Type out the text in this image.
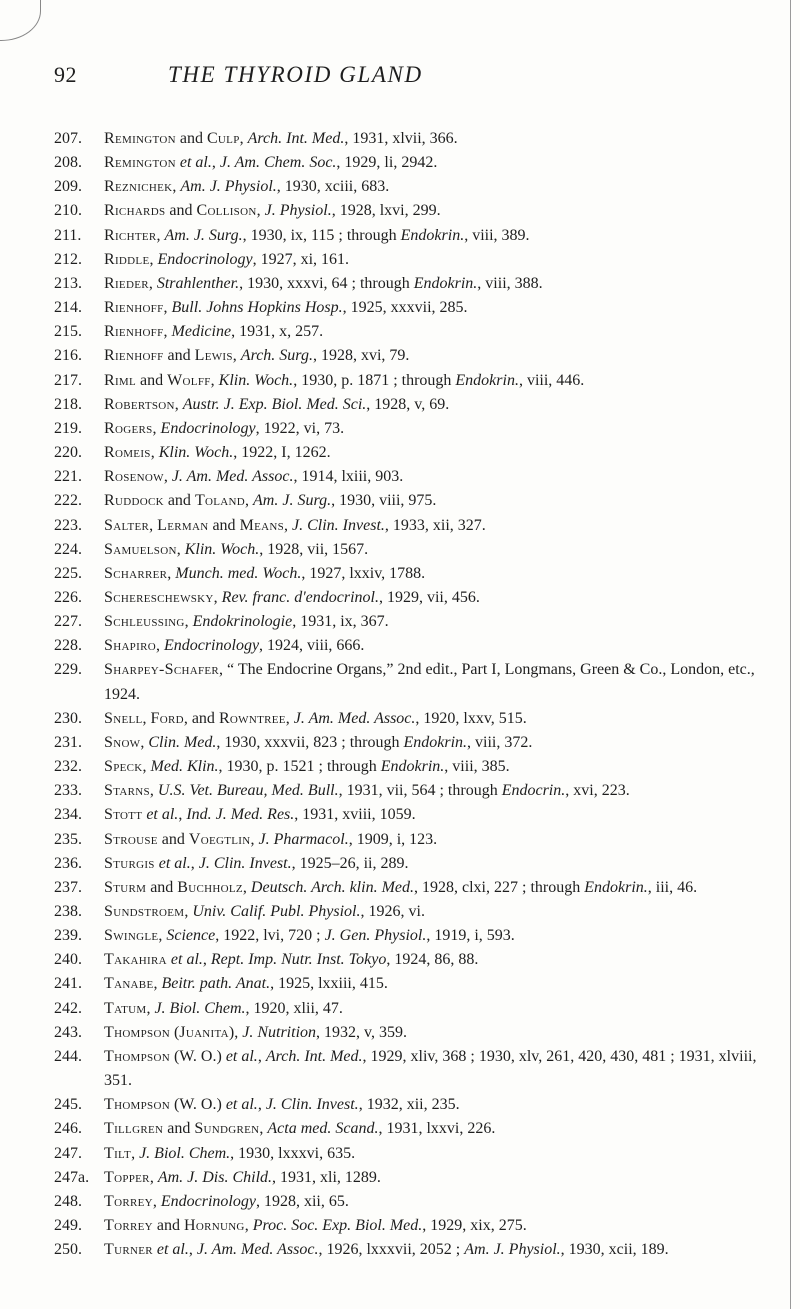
92	THE THYROID GLAND
207. Remington and Culp, Arch. Int. Med., 1931, xlvii, 366.
208. Remington et al., J. Am. Chem. Soc., 1929, li, 2942.
209. Reznichek, Am. J. Physiol., 1930, xciii, 683.
210. Richards and Collison, J. Physiol., 1928, lxvi, 299.
211. Richter, Am. J. Surg., 1930, ix, 115 ; through Endokrin., viii, 389.
212. Riddle, Endocrinology, 1927, xi, 161.
213. Rieder, Strahlenther., 1930, xxxvi, 64 ; through Endokrin., viii, 388.
214. Rienhoff, Bull. Johns Hopkins Hosp., 1925, xxxvii, 285.
215. Rienhoff, Medicine, 1931, x, 257.
216. Rienhoff and Lewis, Arch. Surg., 1928, xvi, 79.
217. Riml and Wolff, Klin. Woch., 1930, p. 1871 ; through Endokrin., viii, 446.
218. Robertson, Austr. J. Exp. Biol. Med. Sci., 1928, v, 69.
219. Rogers, Endocrinology, 1922, vi, 73.
220. Romeis, Klin. Woch., 1922, I, 1262.
221. Rosenow, J. Am. Med. Assoc., 1914, lxiii, 903.
222. Ruddock and Toland, Am. J. Surg., 1930, viii, 975.
223. Salter, Lerman and Means, J. Clin. Invest., 1933, xii, 327.
224. Samuelson, Klin. Woch., 1928, vii, 1567.
225. Scharrer, Munch. med. Woch., 1927, lxxiv, 1788.
226. Schereschewsky, Rev. franc. d'endocrinol., 1929, vii, 456.
227. Schleussing, Endokrinologie, 1931, ix, 367.
228. Shapiro, Endocrinology, 1924, viii, 666.
229. Sharpey-Schafer, “ The Endocrine Organs,” 2nd edit., Part I, Longmans, Green & Co., London, etc., 1924.
230. Snell, Ford, and Rowntree, J. Am. Med. Assoc., 1920, lxxv, 515.
231. Snow, Clin. Med., 1930, xxxvii, 823 ; through Endokrin., viii, 372.
232. Speck, Med. Klin., 1930, p. 1521 ; through Endokrin., viii, 385.
233. Starns, U.S. Vet. Bureau, Med. Bull., 1931, vii, 564 ; through Endocrin., xvi, 223.
234. Stott et al., Ind. J. Med. Res., 1931, xviii, 1059.
235. Strouse and Voegtlin, J. Pharmacol., 1909, i, 123.
236. Sturgis et al., J. Clin. Invest., 1925–26, ii, 289.
237. Sturm and Buchholz, Deutsch. Arch. klin. Med., 1928, clxi, 227 ; through Endokrin., iii, 46.
238. Sundstroem, Univ. Calif. Publ. Physiol., 1926, vi.
239. Swingle, Science, 1922, lvi, 720 ; J. Gen. Physiol., 1919, i, 593.
240. Takahira et al., Rept. Imp. Nutr. Inst. Tokyo, 1924, 86, 88.
241. Tanabe, Beitr. path. Anat., 1925, lxxiii, 415.
242. Tatum, J. Biol. Chem., 1920, xlii, 47.
243. Thompson (Juanita), J. Nutrition, 1932, v, 359.
244. Thompson (W. O.) et al., Arch. Int. Med., 1929, xliv, 368 ; 1930, xlv, 261, 420, 430, 481 ; 1931, xlviii, 351.
245. Thompson (W. O.) et al., J. Clin. Invest., 1932, xii, 235.
246. Tillgren and Sundgren, Acta med. Scand., 1931, lxxvi, 226.
247. Tilt, J. Biol. Chem., 1930, lxxxvi, 635.
247a. Topper, Am. J. Dis. Child., 1931, xli, 1289.
248. Torrey, Endocrinology, 1928, xii, 65.
249. Torrey and Hornung, Proc. Soc. Exp. Biol. Med., 1929, xix, 275.
250. Turner et al., J. Am. Med. Assoc., 1926, lxxxvii, 2052 ; Am. J. Physiol., 1930, xcii, 189.
